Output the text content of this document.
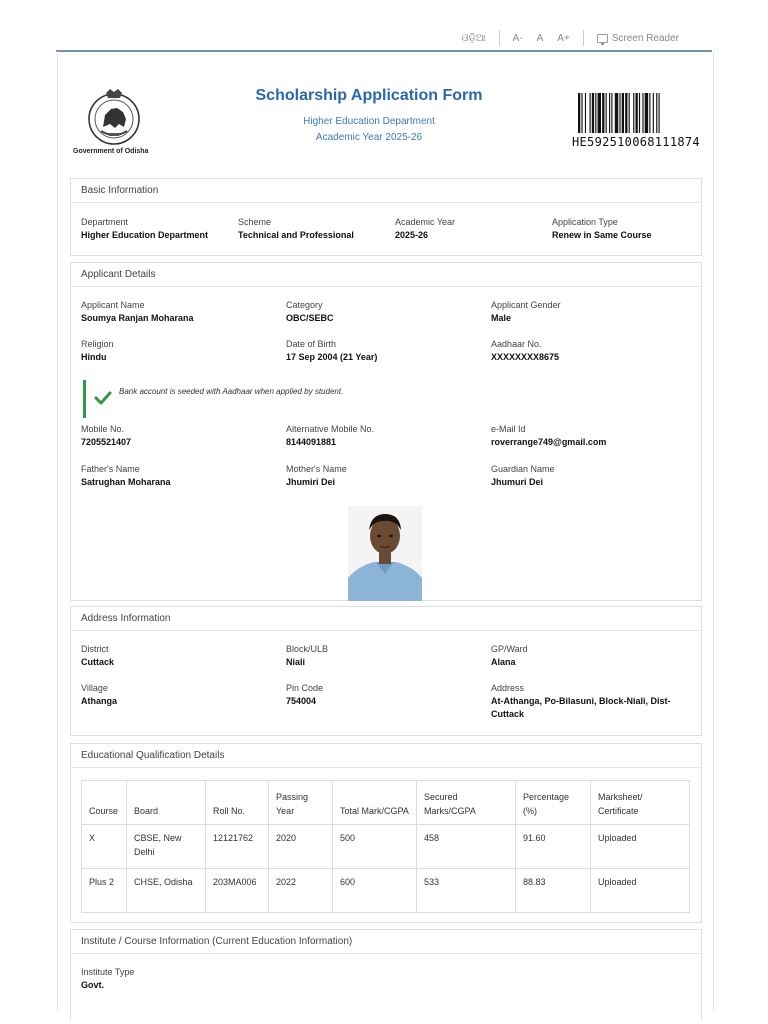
ଓଡ଼ିଆ	A- A A+	Screen Reader
Government of Odisha
Scholarship Application Form
Higher Education Department
Academic Year 2025-26	HE592510068111874
Basic Information
Department
Higher Education Department
Scheme
Technical and Professional
Academic Year
2025-26
Application Type
Renew in Same Course
Applicant Details
Applicant Name
Soumya Ranjan Moharana
Category
OBC/SEBC
Applicant Gender
Male
Religion
Hindu
Date of Birth
17 Sep 2004 (21 Year)
Aadhaar No.
XXXXXXXX8675
Bank account is seeded with Aadhaar when applied by student.
Mobile No.
7205521407
Alternative Mobile No.
8144091881
e-Mail Id
roverrange749@gmail.com
Father's Name
Satrughan Moharana
Mother's Name
Jhumiri Dei
Guardian Name
Jhumuri Dei
Address Information
District
Cuttack
Block/ULB
Niali
GP/Ward
Alana
Village
Athanga
Pin Code
754004
Address
At-Athanga, Po-Bilasuni, Block-Niali, Dist-
Cuttack
Educational Qualification Details
Course	Board	Roll No.	Passing Year	Total Mark/CGPA	Secured Marks/CGPA	Percentage (%)	Marksheet/ Certificate
X	CBSE, New Delhi	12121762	2020	500	458	91.60	Uploaded
Plus 2	CHSE, Odisha	203MA006	2022	600	533	88.83	Uploaded
Institute / Course Information (Current Education Information)
Institute Type
Govt.
